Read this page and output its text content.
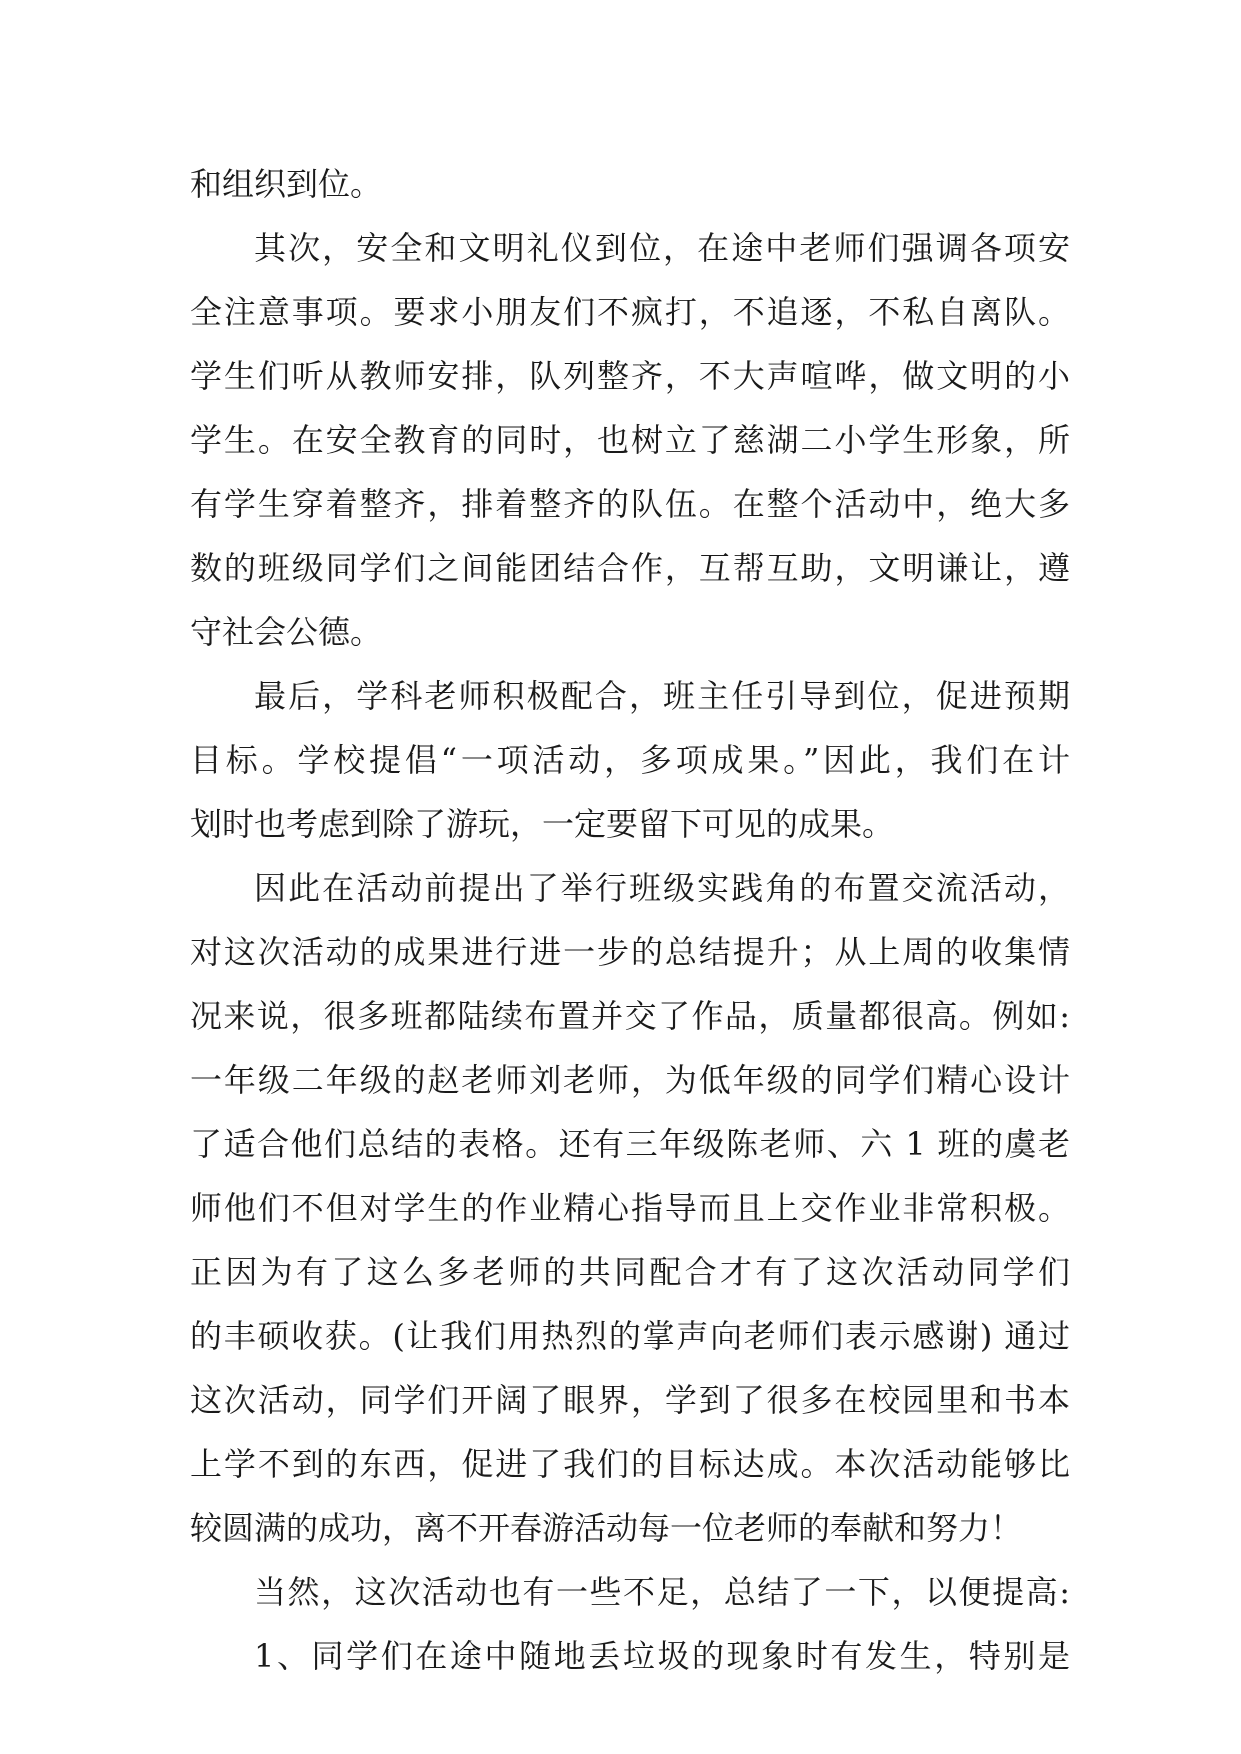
和组织到位。
其次，安全和文明礼仪到位，在途中老师们强调各项安
全注意事项。要求小朋友们不疯打，不追逐，不私自离队。
学生们听从教师安排，队列整齐，不大声喧哗，做文明的小
学生。在安全教育的同时，也树立了慈湖二小学生形象，所
有学生穿着整齐，排着整齐的队伍。在整个活动中，绝大多
数的班级同学们之间能团结合作，互帮互助，文明谦让，遵
守社会公德。
最后，学科老师积极配合，班主任引导到位，促进预期
目标。学校提倡“一项活动，多项成果。”因此，我们在计
划时也考虑到除了游玩，一定要留下可见的成果。
因此在活动前提出了举行班级实践角的布置交流活动，
对这次活动的成果进行进一步的总结提升；从上周的收集情
况来说，很多班都陆续布置并交了作品，质量都很高。例如:
一年级二年级的赵老师刘老师，为低年级的同学们精心设计
了适合他们总结的表格。还有三年级陈老师、六 1 班的虞老
师他们不但对学生的作业精心指导而且上交作业非常积极。
正因为有了这么多老师的共同配合才有了这次活动同学们
的丰硕收获。(让我们用热烈的掌声向老师们表示感谢) 通过
这次活动，同学们开阔了眼界，学到了很多在校园里和书本
上学不到的东西，促进了我们的目标达成。本次活动能够比
较圆满的成功，离不开春游活动每一位老师的奉献和努力！
当然，这次活动也有一些不足，总结了一下，以便提高:
1、同学们在途中随地丢垃圾的现象时有发生，特别是
